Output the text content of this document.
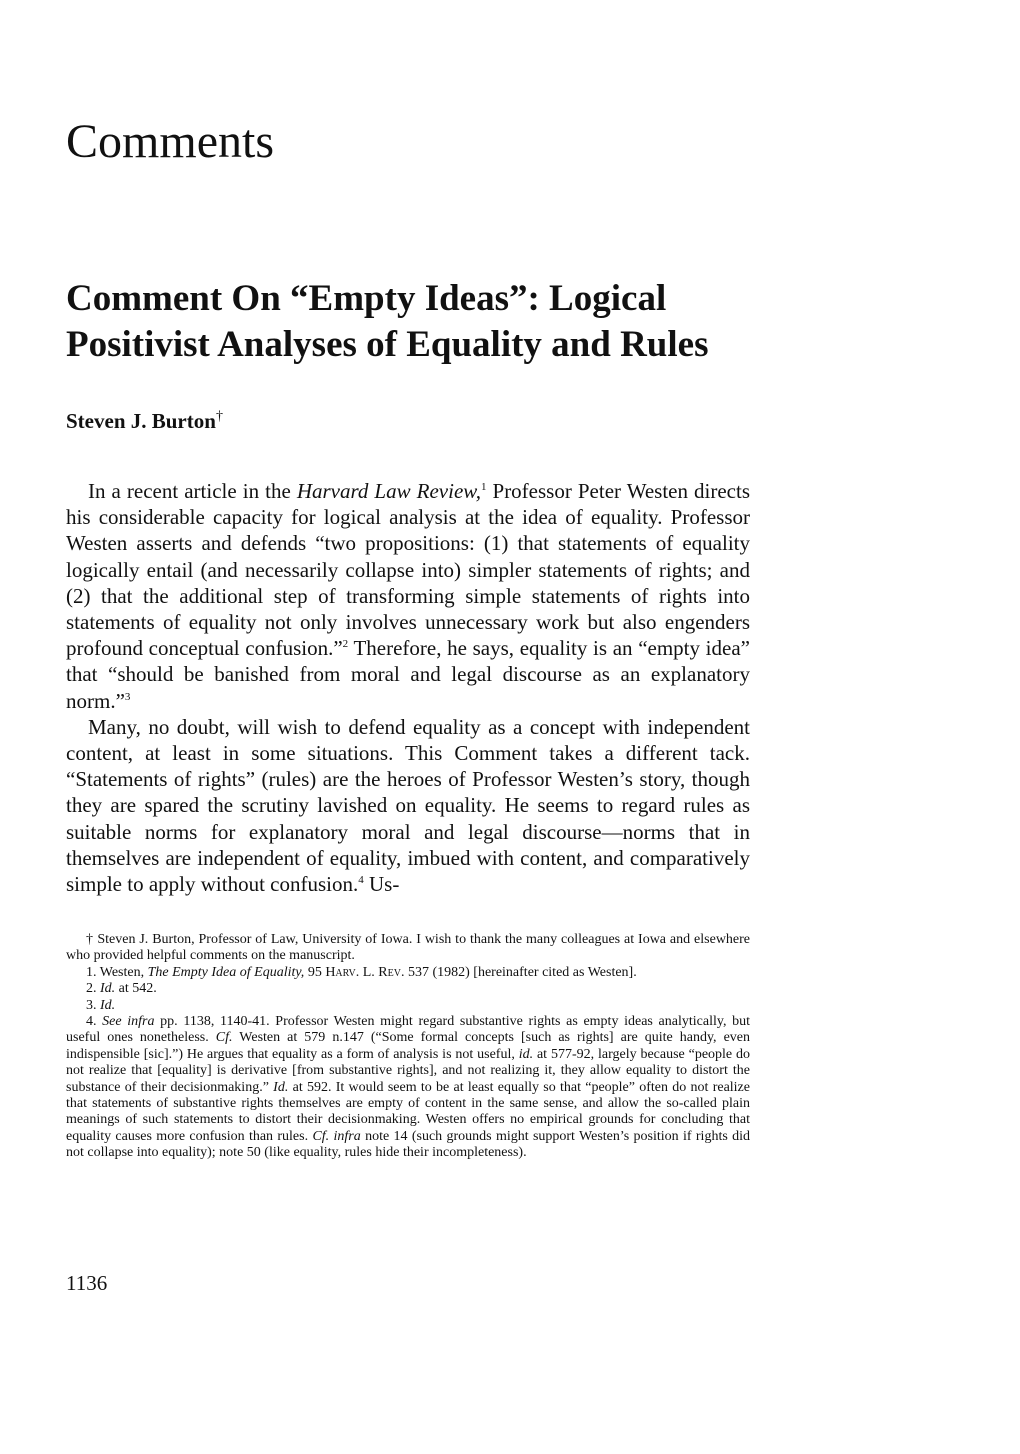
Comments
Comment On “Empty Ideas”: Logical Positivist Analyses of Equality and Rules
Steven J. Burton†

In a recent article in the Harvard Law Review,$^1$ Professor Peter Westen directs his considerable capacity for logical analysis at the idea of equality. Professor Westen asserts and defends “two propositions: (1) that statements of equality logically entail (and necessarily collapse into) simpler statements of rights; and (2) that the additional step of transforming simple statements of rights into statements of equality not only involves unnecessary work but also engenders profound conceptual confusion.”$^2$ Therefore, he says, equality is an “empty idea” that “should be banished from moral and legal discourse as an explanatory norm.”$^3$

Many, no doubt, will wish to defend equality as a concept with independent content, at least in some situations. This Comment takes a different tack. “Statements of rights” (rules) are the heroes of Professor Westen’s story, though they are spared the scrutiny lavished on equality. He seems to regard rules as suitable norms for explanatory moral and legal discourse—norms that in themselves are independent of equality, imbued with content, and comparatively simple to apply without confusion.$^4$ Us-

† Steven J. Burton, Professor of Law, University of Iowa. I wish to thank the many colleagues at Iowa and elsewhere who provided helpful comments on the manuscript.

1. Westen, The Empty Idea of Equality, 95 Harv. L. Rev. 537 (1982) [hereinafter cited as Westen].

2. Id. at 542.

3. Id.

4. See infra pp. 1138, 1140-41. Professor Westen might regard substantive rights as empty ideas analytically, but useful ones nonetheless. Cf. Westen at 579 n.147 (“Some formal concepts [such as rights] are quite handy, even indispensible [sic].”) He argues that equality as a form of analysis is not useful, id. at 577-92, largely because “people do not realize that [equality] is derivative [from substantive rights], and not realizing it, they allow equality to distort the substance of their decisionmaking.” Id. at 592. It would seem to be at least equally so that “people” often do not realize that statements of substantive rights themselves are empty of content in the same sense, and allow the so-called plain meanings of such statements to distort their decisionmaking. Westen offers no empirical grounds for concluding that equality causes more confusion than rules. Cf. infra note 14 (such grounds might support Westen’s position if rights did not collapse into equality); note 50 (like equality, rules hide their incompleteness).

1136
